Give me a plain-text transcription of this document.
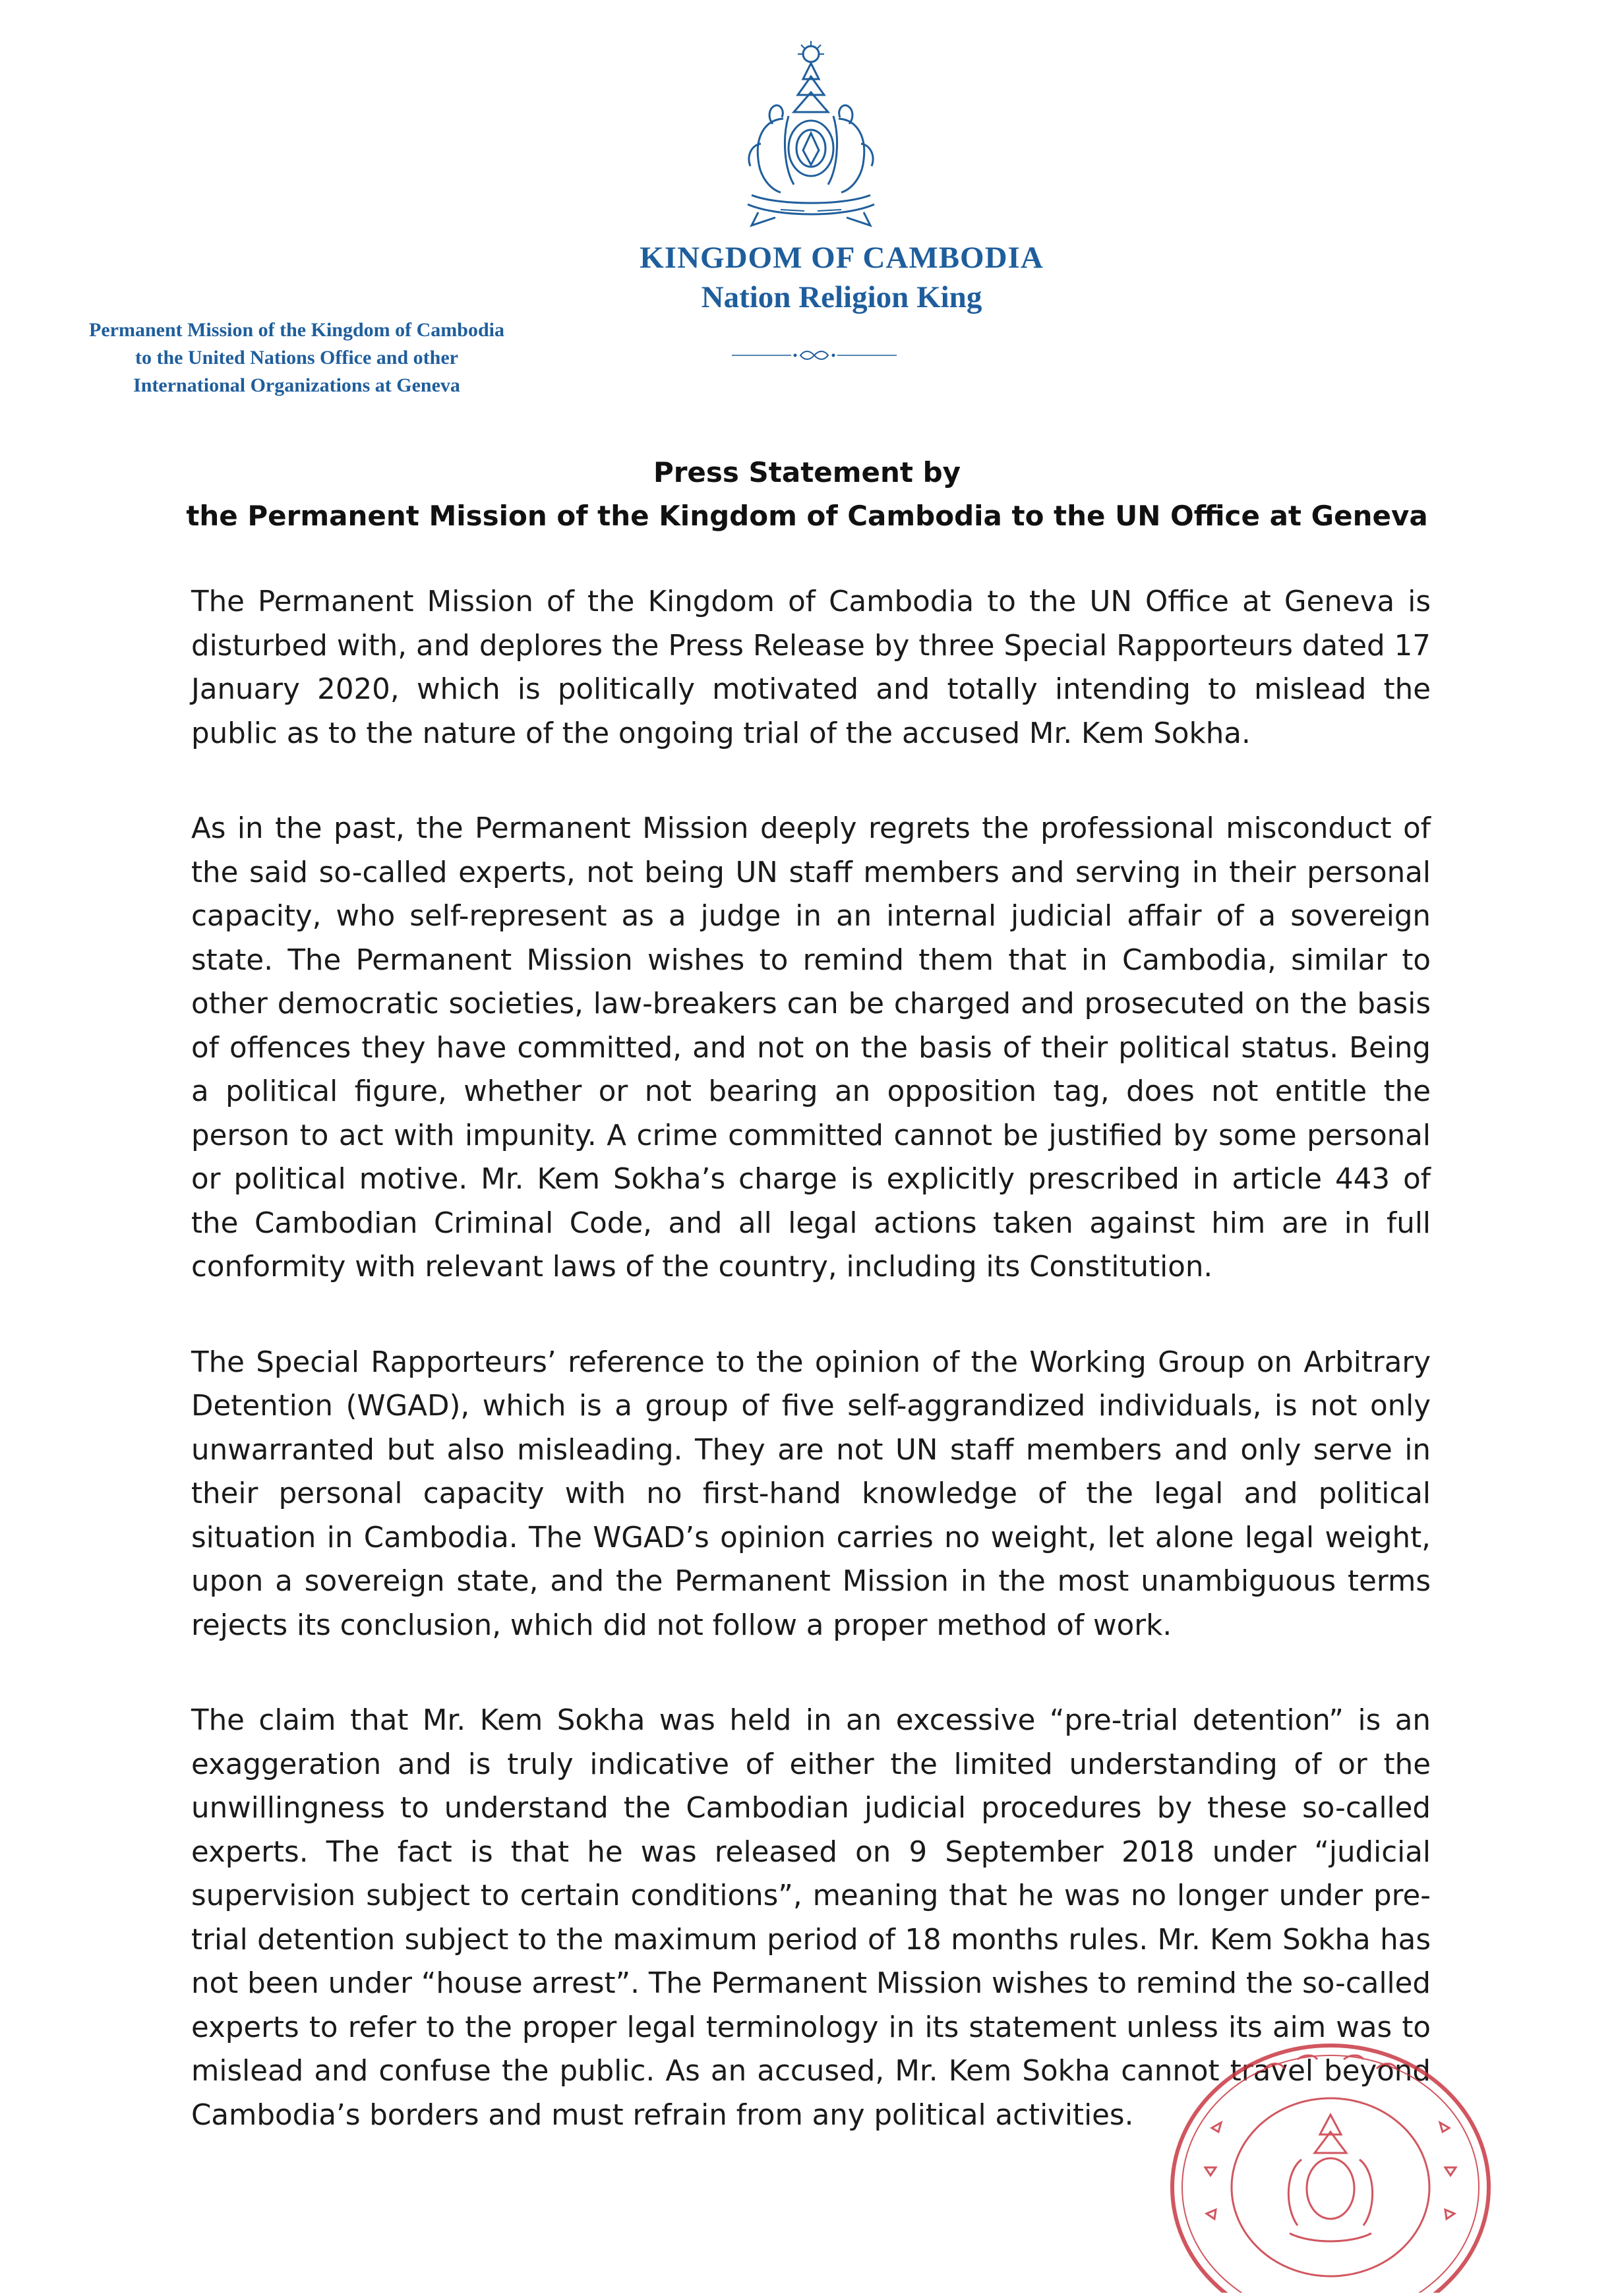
KINGDOM OF CAMBODIA
Nation Religion King
Permanent Mission of the Kingdom of Cambodia
to the United Nations Office and other
International Organizations at Geneva
Press Statement by
the Permanent Mission of the Kingdom of Cambodia to the UN Office at Geneva

The Permanent Mission of the Kingdom of Cambodia to the UN Office at Geneva is disturbed with, and deplores the Press Release by three Special Rapporteurs dated 17 January 2020, which is politically motivated and totally intending to mislead the public as to the nature of the ongoing trial of the accused Mr. Kem Sokha.

As in the past, the Permanent Mission deeply regrets the professional misconduct of the said so-called experts, not being UN staff members and serving in their personal capacity, who self-represent as a judge in an internal judicial affair of a sovereign state. The Permanent Mission wishes to remind them that in Cambodia, similar to other democratic societies, law-breakers can be charged and prosecuted on the basis of offences they have committed, and not on the basis of their political status. Being a political figure, whether or not bearing an opposition tag, does not entitle the person to act with impunity. A crime committed cannot be justified by some personal or political motive. Mr. Kem Sokha’s charge is explicitly prescribed in article 443 of the Cambodian Criminal Code, and all legal actions taken against him are in full conformity with relevant laws of the country, including its Constitution.

The Special Rapporteurs’ reference to the opinion of the Working Group on Arbitrary Detention (WGAD), which is a group of five self-aggrandized individuals, is not only unwarranted but also misleading. They are not UN staff members and only serve in their personal capacity with no first-hand knowledge of the legal and political situation in Cambodia. The WGAD’s opinion carries no weight, let alone legal weight, upon a sovereign state, and the Permanent Mission in the most unambiguous terms rejects its conclusion, which did not follow a proper method of work.

The claim that Mr. Kem Sokha was held in an excessive “pre-trial detention” is an exaggeration and is truly indicative of either the limited understanding of or the unwillingness to understand the Cambodian judicial procedures by these so-called experts. The fact is that he was released on 9 September 2018 under “judicial supervision subject to certain conditions”, meaning that he was no longer under pre-trial detention subject to the maximum period of 18 months rules. Mr. Kem Sokha has not been under “house arrest”. The Permanent Mission wishes to remind the so-called experts to refer to the proper legal terminology in its statement unless its aim was to mislead and confuse the public. As an accused, Mr. Kem Sokha cannot travel beyond Cambodia’s borders and must refrain from any political activities.
